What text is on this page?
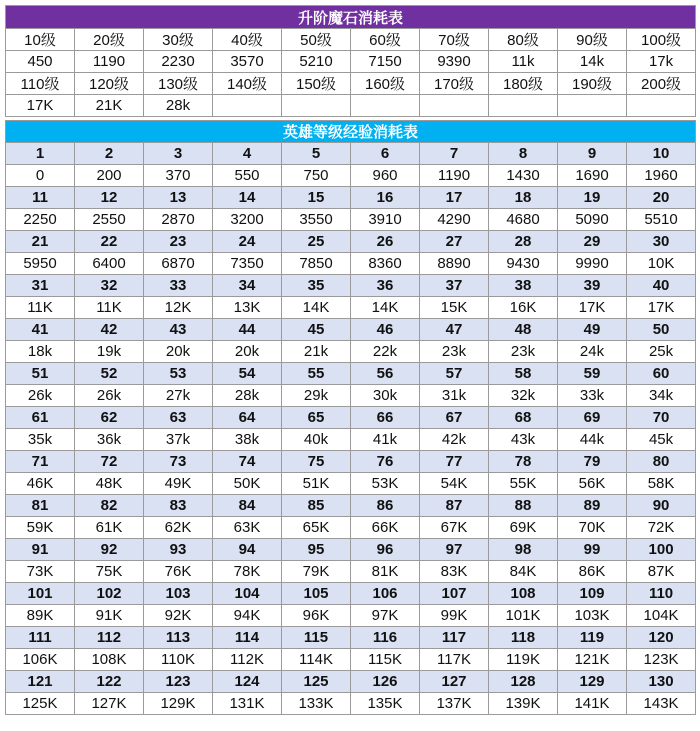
升阶魔石消耗表									
10级	20级	30级	40级	50级	60级	70级	80级	90级	100级
450	1190	2230	3570	5210	7150	9390	11k	14k	17k
110级	120级	130级	140级	150级	160级	170级	180级	190级	200级
17K	21K	28k							
英雄等级经验消耗表									
1	2	3	4	5	6	7	8	9	10
0	200	370	550	750	960	1190	1430	1690	1960
11	12	13	14	15	16	17	18	19	20
2250	2550	2870	3200	3550	3910	4290	4680	5090	5510
21	22	23	24	25	26	27	28	29	30
5950	6400	6870	7350	7850	8360	8890	9430	9990	10K
31	32	33	34	35	36	37	38	39	40
11K	11K	12K	13K	14K	14K	15K	16K	17K	17K
41	42	43	44	45	46	47	48	49	50
18k	19k	20k	20k	21k	22k	23k	23k	24k	25k
51	52	53	54	55	56	57	58	59	60
26k	26k	27k	28k	29k	30k	31k	32k	33k	34k
61	62	63	64	65	66	67	68	69	70
35k	36k	37k	38k	40k	41k	42k	43k	44k	45k
71	72	73	74	75	76	77	78	79	80
46K	48K	49K	50K	51K	53K	54K	55K	56K	58K
81	82	83	84	85	86	87	88	89	90
59K	61K	62K	63K	65K	66K	67K	69K	70K	72K
91	92	93	94	95	96	97	98	99	100
73K	75K	76K	78K	79K	81K	83K	84K	86K	87K
101	102	103	104	105	106	107	108	109	110
89K	91K	92K	94K	96K	97K	99K	101K	103K	104K
111	112	113	114	115	116	117	118	119	120
106K	108K	110K	112K	114K	115K	117K	119K	121K	123K
121	122	123	124	125	126	127	128	129	130
125K	127K	129K	131K	133K	135K	137K	139K	141K	143K
